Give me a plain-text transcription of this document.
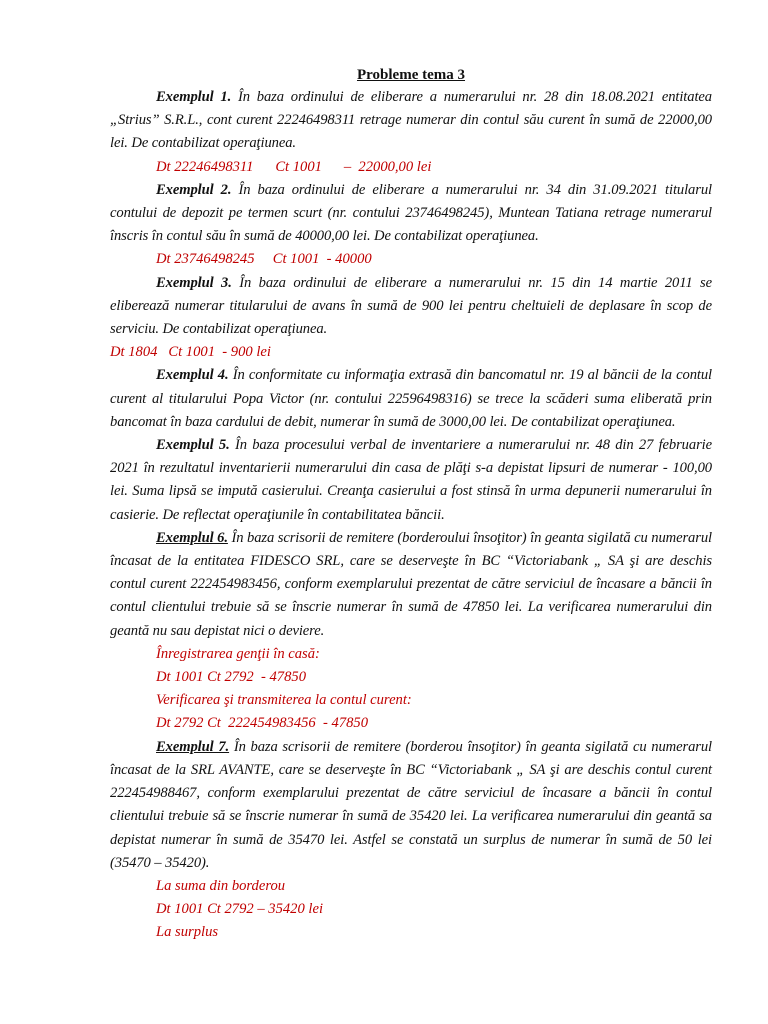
Probleme tema 3

Exemplul 1. În baza ordinului de eliberare a numerarului nr. 28 din 18.08.2021 entitatea „Strius” S.R.L., cont curent 22246498311 retrage numerar din contul său curent în sumă de 22000,00 lei. De contabilizat operaţiunea.

Dt 22246498311      Ct 1001      –  22000,00 lei

Exemplul 2. În baza ordinului de eliberare a numerarului nr. 34 din 31.09.2021 titularul contului de depozit pe termen scurt (nr. contului 23746498245), Muntean Tatiana retrage numerarul înscris în contul său în sumă de 40000,00 lei. De contabilizat operaţiunea.

Dt 23746498245     Ct 1001  - 40000

Exemplul 3. În baza ordinului de eliberare a numerarului nr. 15 din 14 martie 2011 se eliberează numerar titularului de avans în sumă de 900 lei pentru cheltuieli de deplasare în scop de serviciu. De contabilizat operaţiunea.

Dt 1804   Ct 1001  - 900 lei

Exemplul 4. În conformitate cu informaţia extrasă din bancomatul nr. 19 al băncii de la contul curent al titularului Popa Victor (nr. contului 22596498316) se trece la scăderi suma eliberată prin bancomat în baza cardului de debit, numerar în sumă de 3000,00 lei. De contabilizat operaţiunea.

Exemplul 5. În baza procesului verbal de inventariere a numerarului nr. 48 din 27 februarie 2021 în rezultatul inventarierii numerarului din casa de plăţi s-a depistat lipsuri de numerar - 100,00 lei. Suma lipsă se impută casierului. Creanţa casierului a fost stinsă în urma depunerii numerarului în casierie. De reflectat operaţiunile în contabilitatea băncii.

Exemplul 6. În baza scrisorii de remitere (borderoului însoţitor) în geanta sigilată cu numerarul încasat de la entitatea FIDESCO SRL, care se deserveşte în BC “Victoriabank „ SA şi are deschis contul curent 222454983456, conform exemplarului prezentat de către serviciul de încasare a băncii în contul clientului trebuie să se înscrie numerar în sumă de 47850 lei. La verificarea numerarului din geantă nu sau depistat nici o deviere.

Înregistrarea genţii în casă:
Dt 1001 Ct 2792  - 47850
Verificarea şi transmiterea la contul curent:
Dt 2792 Ct  222454983456  - 47850

Exemplul 7. În baza scrisorii de remitere (borderou însoţitor) în geanta sigilată cu numerarul încasat de la SRL AVANTE, care se deserveşte în BC “Victoriabank „ SA şi are deschis contul curent 222454988467, conform exemplarului prezentat de către serviciul de încasare a băncii în contul clientului trebuie să se înscrie numerar în sumă de 35420 lei. La verificarea numerarului din geantă sa depistat numerar în sumă de 35470 lei. Astfel se constată un surplus de numerar în sumă de 50 lei (35470 – 35420).

La suma din borderou
Dt 1001 Ct 2792 – 35420 lei
La surplus
